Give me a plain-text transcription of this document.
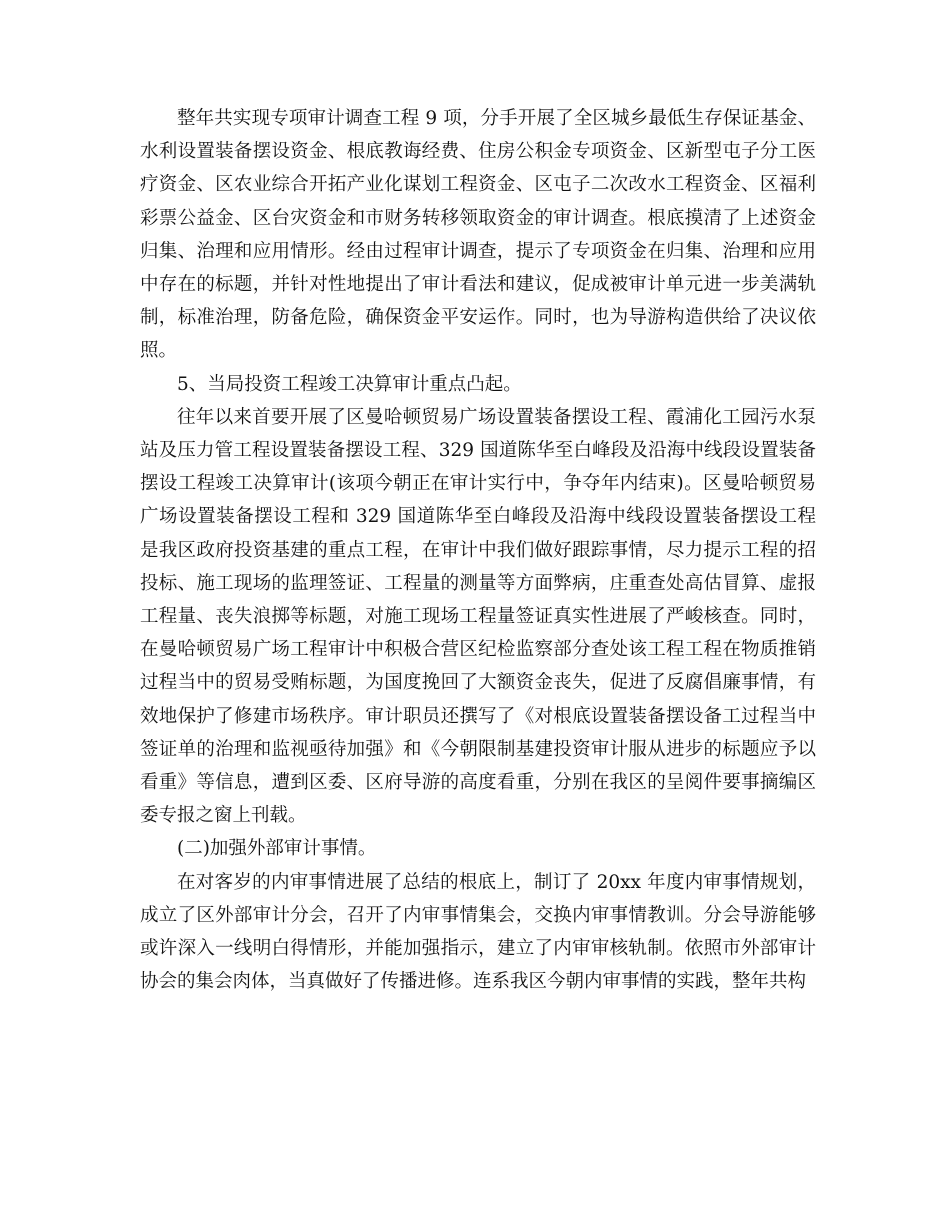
整年共实现专项审计调查工程 9 项，分手开展了全区城乡最低生存保证基金、水利设置装备摆设资金、根底教诲经费、住房公积金专项资金、区新型屯子分工医疗资金、区农业综合开拓产业化谋划工程资金、区屯子二次改水工程资金、区福利彩票公益金、区台灾资金和市财务转移领取资金的审计调查。根底摸清了上述资金归集、治理和应用情形。经由过程审计调查，提示了专项资金在归集、治理和应用中存在的标题，并针对性地提出了审计看法和建议，促成被审计单元进一步美满轨制，标准治理，防备危险，确保资金平安运作。同时，也为导游构造供给了决议依照。

5、当局投资工程竣工决算审计重点凸起。

往年以来首要开展了区曼哈顿贸易广场设置装备摆设工程、霞浦化工园污水泵站及压力管工程设置装备摆设工程、329 国道陈华至白峰段及沿海中线段设置装备摆设工程竣工决算审计(该项今朝正在审计实行中，争夺年内结束)。区曼哈顿贸易广场设置装备摆设工程和 329 国道陈华至白峰段及沿海中线段设置装备摆设工程是我区政府投资基建的重点工程，在审计中我们做好跟踪事情，尽力提示工程的招投标、施工现场的监理签证、工程量的测量等方面弊病，庄重查处高估冒算、虚报工程量、丧失浪掷等标题，对施工现场工程量签证真实性进展了严峻核查。同时，在曼哈顿贸易广场工程审计中积极合营区纪检监察部分查处该工程工程在物质推销过程当中的贸易受贿标题，为国度挽回了大额资金丧失，促进了反腐倡廉事情，有效地保护了修建市场秩序。审计职员还撰写了《对根底设置装备摆设备工过程当中签证单的治理和监视亟待加强》和《今朝限制基建投资审计服从进步的标题应予以看重》等信息，遭到区委、区府导游的高度看重，分别在我区的呈阅件要事摘编区委专报之窗上刊载。

(二)加强外部审计事情。

在对客岁的内审事情进展了总结的根底上，制订了 20xx 年度内审事情规划，成立了区外部审计分会，召开了内审事情集会，交换内审事情教训。分会导游能够或许深入一线明白得情形，并能加强指示，建立了内审审核轨制。依照市外部审计协会的集会肉体，当真做好了传播进修。连系我区今朝内审事情的实践，整年共构
